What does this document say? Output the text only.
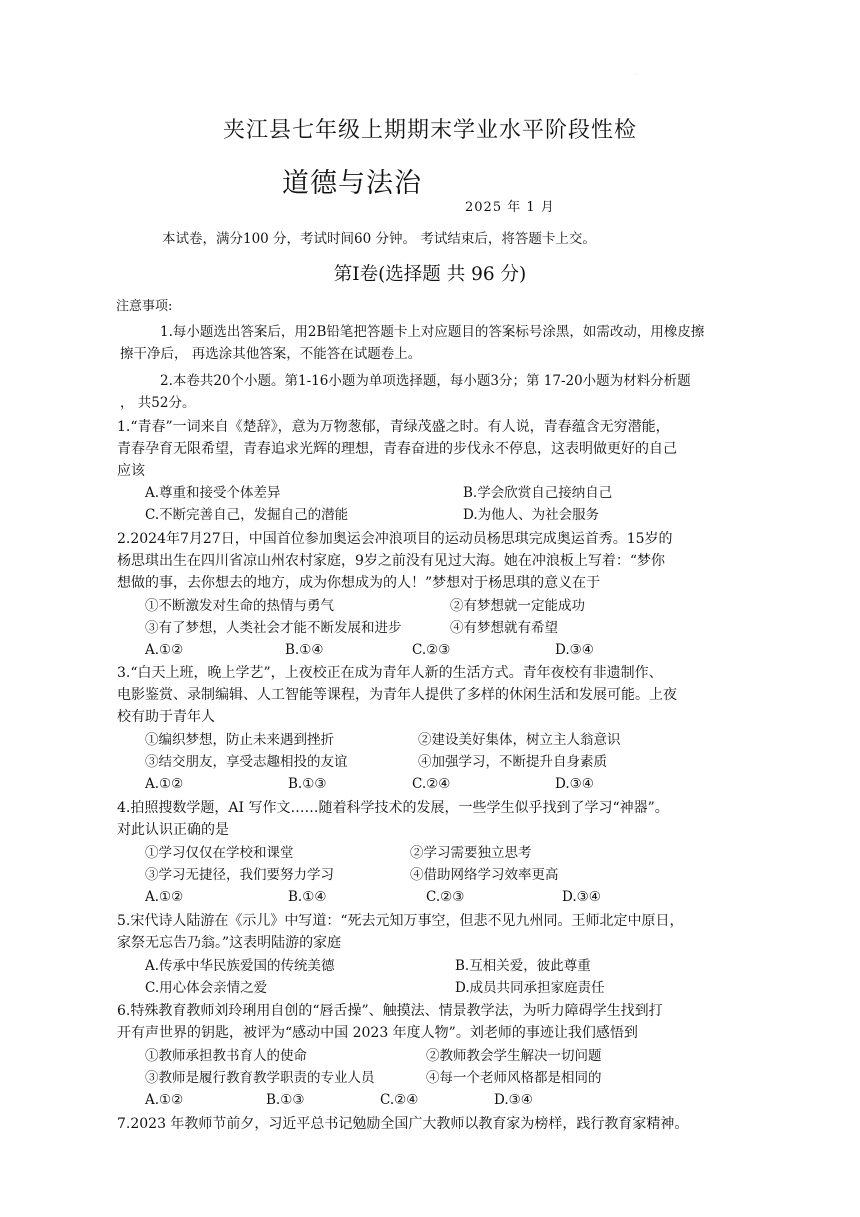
·
夹江县七年级上期期末学业水平阶段性检
道德与法治
2025 年 1 月
本试卷，满分100 分，考试时间60 分钟。 考试结束后，将答题卡上交。
第Ⅰ卷(选择题 共 96 分)
注意事项:
1.每小题选出答案后，用2B铅笔把答题卡上对应题目的答案标号涂黑，如需改动，用橡皮擦
擦干净后， 再选涂其他答案，不能答在试题卷上。
2.本卷共20个小题。第1-16小题为单项选择题，每小题3分；第 17-20小题为材料分析题
， 共52分。
1.“青春”一词来自《楚辞》，意为万物葱郁，青绿茂盛之时。有人说，青春蕴含无穷潜能，
青春孕育无限希望，青春追求光辉的理想，青春奋进的步伐永不停息，这表明做更好的自己
应该
A.尊重和接受个体差异	B.学会欣赏自己接纳自己
C.不断完善自己，发掘自己的潜能	D.为他人、为社会服务
2.2024年7月27日，中国首位参加奥运会冲浪项目的运动员杨思琪完成奥运首秀。15岁的
杨思琪出生在四川省凉山州农村家庭，9岁之前没有见过大海。她在冲浪板上写着：“梦你
想做的事，去你想去的地方，成为你想成为的人！”梦想对于杨思琪的意义在于
①不断激发对生命的热情与勇气	②有梦想就一定能成功
③有了梦想，人类社会才能不断发展和进步	④有梦想就有希望
A.①②	B.①④	C.②③	D.③④
3.“白天上班，晚上学艺”，上夜校正在成为青年人新的生活方式。青年夜校有非遗制作、
电影鉴赏、录制编辑、人工智能等课程，为青年人提供了多样的休闲生活和发展可能。上夜
校有助于青年人
①编织梦想，防止未来遇到挫折	②建设美好集体，树立主人翁意识
③结交朋友，享受志趣相投的友谊	④加强学习，不断提升自身素质
A.①②	B.①③	C.②④	D.③④
4.拍照搜数学题，AI 写作文……随着科学技术的发展，一些学生似乎找到了学习“神器”。
对此认识正确的是
①学习仅仅在学校和课堂	②学习需要独立思考
③学习无捷径，我们要努力学习	④借助网络学习效率更高
A.①②	B.①④	C.②③	D.③④
5.宋代诗人陆游在《示儿》中写道：“死去元知万事空，但悲不见九州同。王师北定中原日，
家祭无忘告乃翁。”这表明陆游的家庭
A.传承中华民族爱国的传统美德	B.互相关爱，彼此尊重
C.用心体会亲情之爱	D.成员共同承担家庭责任
6.特殊教育教师刘玲琍用自创的“唇舌操”、触摸法、情景教学法，为听力障碍学生找到打
开有声世界的钥匙，被评为“感动中国 2023 年度人物”。刘老师的事迹让我们感悟到
①教师承担教书育人的使命	②教师教会学生解决一切问题
③教师是履行教育教学职责的专业人员	④每一个老师风格都是相同的
A.①②	B.①③	C.②④	D.③④
7.2023 年教师节前夕，习近平总书记勉励全国广大教师以教育家为榜样，践行教育家精神。
